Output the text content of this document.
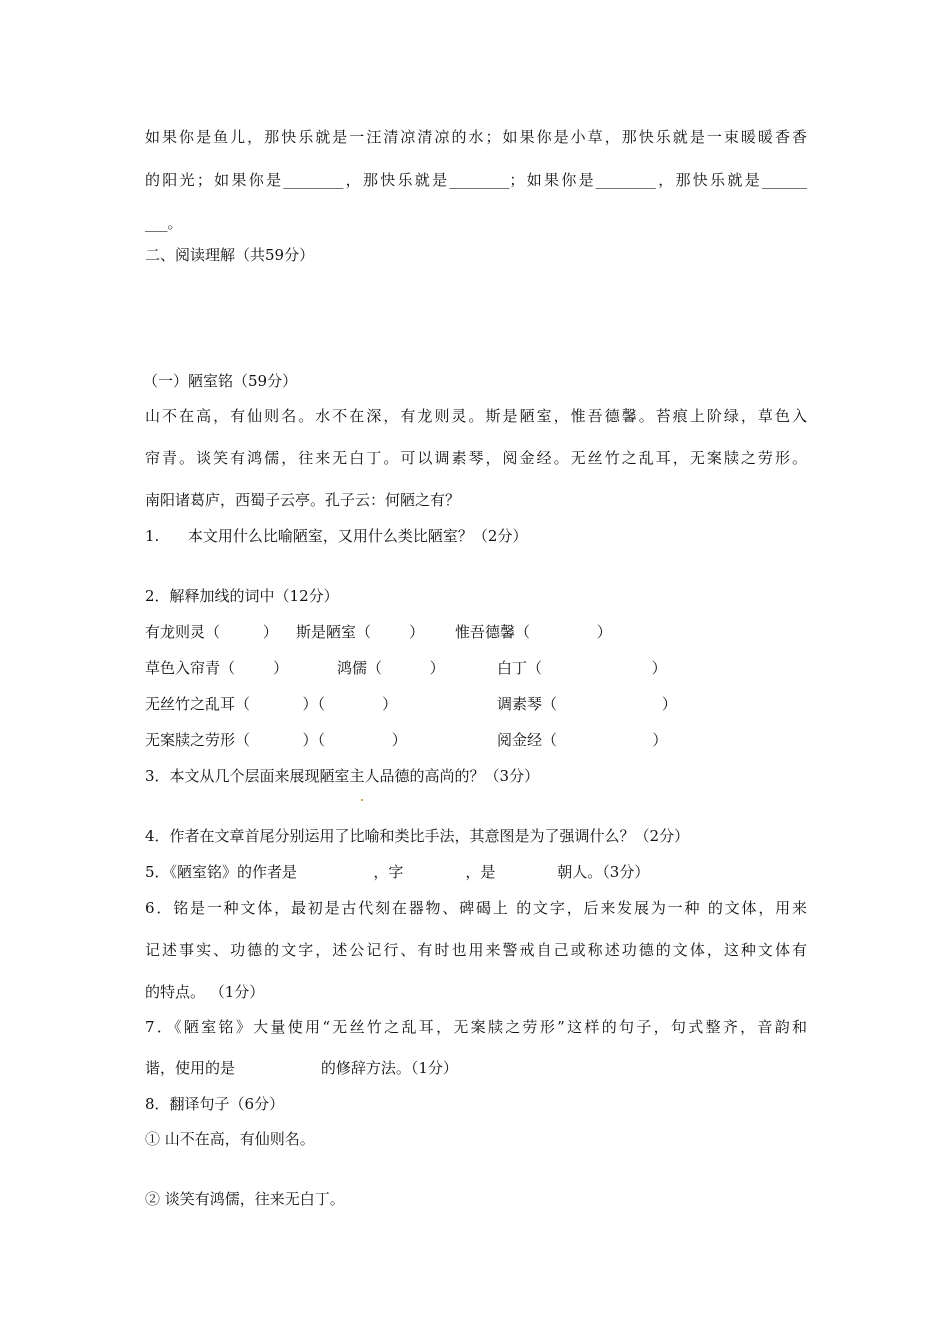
如果你是鱼儿，那快乐就是一汪清凉清凉的水；如果你是小草，那快乐就是一束暖暖香香
的阳光；如果你是________，那快乐就是________；如果你是________，那快乐就是______
___。
二、阅读理解（共59分）
（一）陋室铭（59分）
山不在高，有仙则名。水不在深，有龙则灵。斯是陋室，惟吾德馨。苔痕上阶绿，草色入
帘青。谈笑有鸿儒，往来无白丁。可以调素琴，阅金经。无丝竹之乱耳，无案牍之劳形。
南阳诸葛庐，西蜀子云亭。孔子云：何陋之有？
1.      本文用什么比喻陋室，又用什么类比陋室？（2分）
2．解释加线的词中（12分）
有龙则灵（         ） 斯是陋室（        ） 惟吾德馨（              ）
草色入帘青（        ）	鸿儒（          ）	白丁（                       ）
无丝竹之乱耳（           ）（            ）	调素琴（                      ）
无案牍之劳形（           ）（              ）	阅金经（                    ）
3．本文从几个层面来展现陋室主人品德的高尚的？（3分）
4．作者在文章首尾分别运用了比喻和类比手法，其意图是为了强调什么？（2分）
5．《陋室铭》的作者是                ，字             ，是             朝人。（3分）
6．铭是一种文体，最初是古代刻在器物、碑碣上 的文字，后来发展为一种 的文体，用来
记述事实、功德的文字，述公记行、有时也用来警戒自己或称述功德的文体，这种文体有
的特点。 （1分）
7．《陋室铭》大量使用“无丝竹之乱耳，无案牍之劳形”这样的句子，句式整齐，音韵和
谐，使用的是                  的修辞方法。（1分）
8．翻译句子（6分）
① 山不在高，有仙则名。
② 谈笑有鸿儒，往来无白丁。
